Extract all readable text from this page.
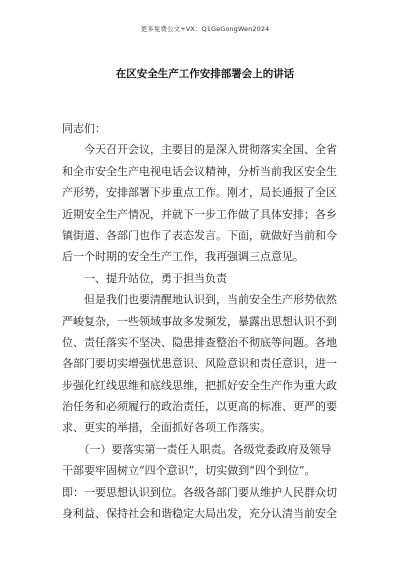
更多免费公文+VX：Q1GeGongWen2024
在区安全生产工作安排部署会上的讲话
同志们：
　　今天召开会议，主要目的是深入贯彻落实全国、全省
和全市安全生产电视电话会议精神，分析当前我区安全生
产形势，安排部署下步重点工作。刚才，局长通报了全区
近期安全生产情况，并就下一步工作做了具体安排；各乡
镇街道、各部门也作了表态发言。下面，就做好当前和今
后一个时期的安全生产工作，我再强调三点意见。
　　一、提升站位，勇于担当负责
　　但是我们也要清醒地认识到，当前安全生产形势依然
严峻复杂，一些领域事故多发频发，暴露出思想认识不到
位、责任落实不坚决、隐患排查整治不彻底等问题。各地
各部门要切实增强忧患意识、风险意识和责任意识，进一
步强化红线思维和底线思维，把抓好安全生产作为重大政
治任务和必须履行的政治责任，以更高的标准、更严的要
求、更实的举措，全面抓好各项工作落实。
　　（一）要落实第一责任人职责。各级党委政府及领导
干部要牢固树立“四个意识”，切实做到“四个到位”。
即：一要思想认识到位。各级各部门要从维护人民群众切
身利益、保持社会和谐稳定大局出发，充分认清当前安全
